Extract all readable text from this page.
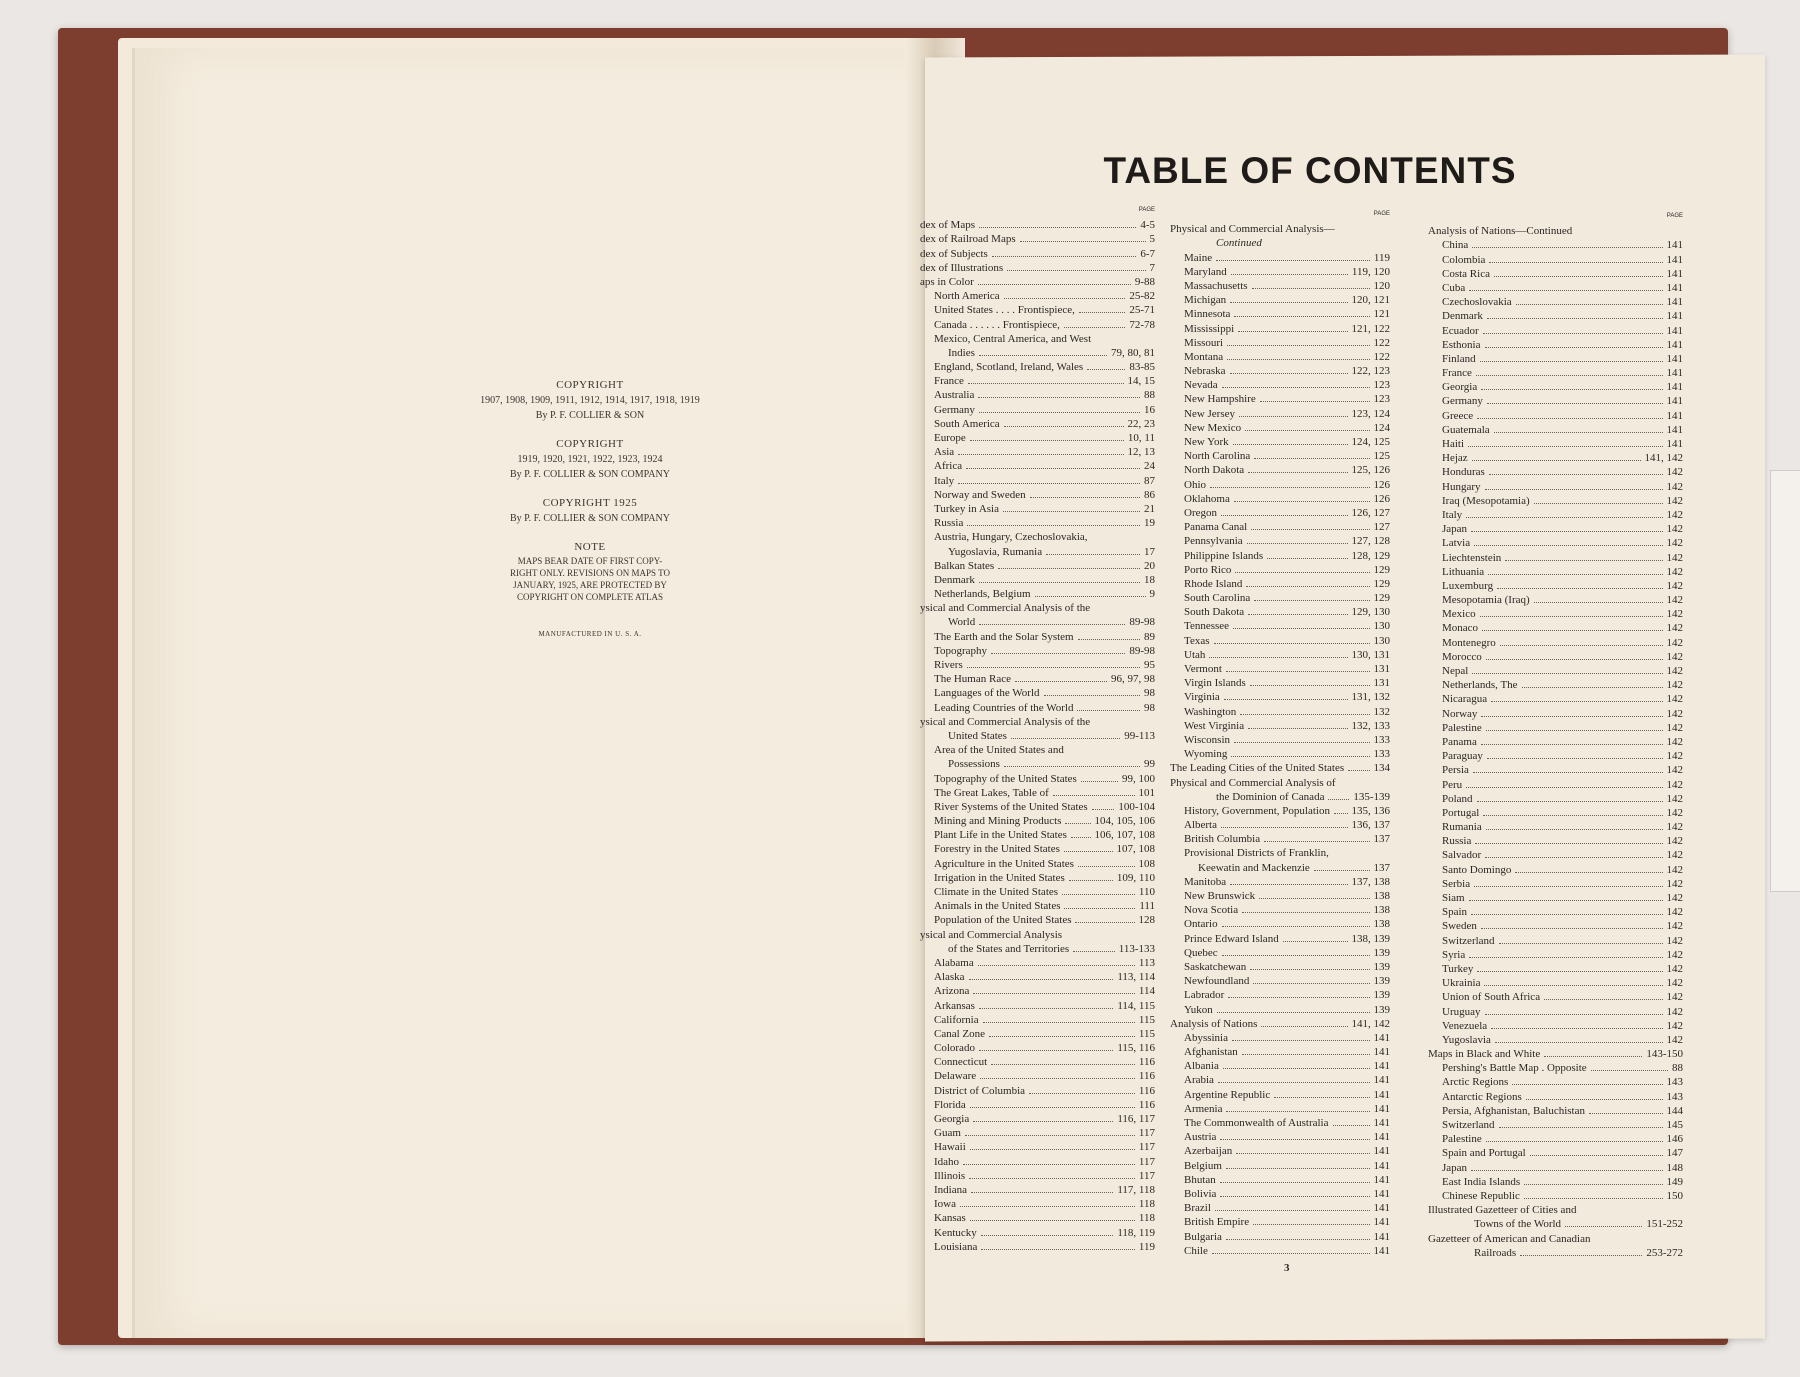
COPYRIGHT
1907, 1908, 1909, 1911, 1912, 1914, 1917, 1918, 1919
By P. F. COLLIER & SON
COPYRIGHT
1919, 1920, 1921, 1922, 1923, 1924
By P. F. COLLIER & SON COMPANY
COPYRIGHT 1925
By P. F. COLLIER & SON COMPANY
NOTE
MAPS BEAR DATE OF FIRST COPY-RIGHT ONLY. REVISIONS ON MAPS TO JANUARY, 1925, ARE PROTECTED BY COPYRIGHT ON COMPLETE ATLAS
MANUFACTURED IN U. S. A.
TABLE OF CONTENTS
PAGE
dex of Maps	4-5
dex of Railroad Maps	5
dex of Subjects	6-7
dex of Illustrations	7
aps in Color	9-88
North America	25-82
United States . . . . Frontispiece,	25-71
Canada . . . . . . Frontispiece,	72-78
Mexico, Central America, and West
Indies	79, 80, 81
England, Scotland, Ireland, Wales	83-85
France	14, 15
Australia	88
Germany	16
South America	22, 23
Europe	10, 11
Asia	12, 13
Africa	24
Italy	87
Norway and Sweden	86
Turkey in Asia	21
Russia	19
Austria, Hungary, Czechoslovakia,
Yugoslavia, Rumania	17
Balkan States	20
Denmark	18
Netherlands, Belgium	9
ysical and Commercial Analysis of the
World	89-98
The Earth and the Solar System	89
Topography	89-98
Rivers	95
The Human Race	96, 97, 98
Languages of the World	98
Leading Countries of the World	98
ysical and Commercial Analysis of the
United States	99-113
Area of the United States and
Possessions	99
Topography of the United States	99, 100
The Great Lakes, Table of	101
River Systems of the United States	100-104
Mining and Mining Products	104, 105, 106
Plant Life in the United States	106, 107, 108
Forestry in the United States	107, 108
Agriculture in the United States	108
Irrigation in the United States	109, 110
Climate in the United States	110
Animals in the United States	111
Population of the United States	128
ysical and Commercial Analysis
of the States and Territories	113-133
Alabama	113
Alaska	113, 114
Arizona	114
Arkansas	114, 115
California	115
Canal Zone	115
Colorado	115, 116
Connecticut	116
Delaware	116
District of Columbia	116
Florida	116
Georgia	116, 117
Guam	117
Hawaii	117
Idaho	117
Illinois	117
Indiana	117, 118
Iowa	118
Kansas	118
Kentucky	118, 119
Louisiana	119
PAGE
Physical and Commercial Analysis—
Continued
Maine	119
Maryland	119, 120
Massachusetts	120
Michigan	120, 121
Minnesota	121
Mississippi	121, 122
Missouri	122
Montana	122
Nebraska	122, 123
Nevada	123
New Hampshire	123
New Jersey	123, 124
New Mexico	124
New York	124, 125
North Carolina	125
North Dakota	125, 126
Ohio	126
Oklahoma	126
Oregon	126, 127
Panama Canal	127
Pennsylvania	127, 128
Philippine Islands	128, 129
Porto Rico	129
Rhode Island	129
South Carolina	129
South Dakota	129, 130
Tennessee	130
Texas	130
Utah	130, 131
Vermont	131
Virgin Islands	131
Virginia	131, 132
Washington	132
West Virginia	132, 133
Wisconsin	133
Wyoming	133
The Leading Cities of the United States	134
Physical and Commercial Analysis of
the Dominion of Canada	135-139
History, Government, Population 135, 136
Alberta	136, 137
British Columbia	137
Provisional Districts of Franklin,
Keewatin and Mackenzie	137
Manitoba	137, 138
New Brunswick	138
Nova Scotia	138
Ontario	138
Prince Edward Island	138, 139
Quebec	139
Saskatchewan	139
Newfoundland	139
Labrador	139
Yukon	139
Analysis of Nations	141, 142
Abyssinia	141
Afghanistan	141
Albania	141
Arabia	141
Argentine Republic	141
Armenia	141
The Commonwealth of Australia	141
Austria	141
Azerbaijan	141
Belgium	141
Bhutan	141
Bolivia	141
Brazil	141
British Empire	141
Bulgaria	141
Chile	141
PAGE
Analysis of Nations—Continued
China	141
Colombia	141
Costa Rica	141
Cuba	141
Czechoslovakia	141
Denmark	141
Ecuador	141
Esthonia	141
Finland	141
France	141
Georgia	141
Germany	141
Greece	141
Guatemala	141
Haiti	141
Hejaz	141, 142
Honduras	142
Hungary	142
Iraq (Mesopotamia)	142
Italy	142
Japan	142
Latvia	142
Liechtenstein	142
Lithuania	142
Luxemburg	142
Mesopotamia (Iraq)	142
Mexico	142
Monaco	142
Montenegro	142
Morocco	142
Nepal	142
Netherlands, The	142
Nicaragua	142
Norway	142
Palestine	142
Panama	142
Paraguay	142
Persia	142
Peru	142
Poland	142
Portugal	142
Rumania	142
Russia	142
Salvador	142
Santo Domingo	142
Serbia	142
Siam	142
Spain	142
Sweden	142
Switzerland	142
Syria	142
Turkey	142
Ukrainia	142
Union of South Africa	142
Uruguay	142
Venezuela	142
Yugoslavia	142
Maps in Black and White	143-150
Pershing's Battle Map . Opposite	88
Arctic Regions	143
Antarctic Regions	143
Persia, Afghanistan, Baluchistan	144
Switzerland	145
Palestine	146
Spain and Portugal	147
Japan	148
East India Islands	149
Chinese Republic	150
Illustrated Gazetteer of Cities and
Towns of the World	151-252
Gazetteer of American and Canadian
Railroads	253-272
3
